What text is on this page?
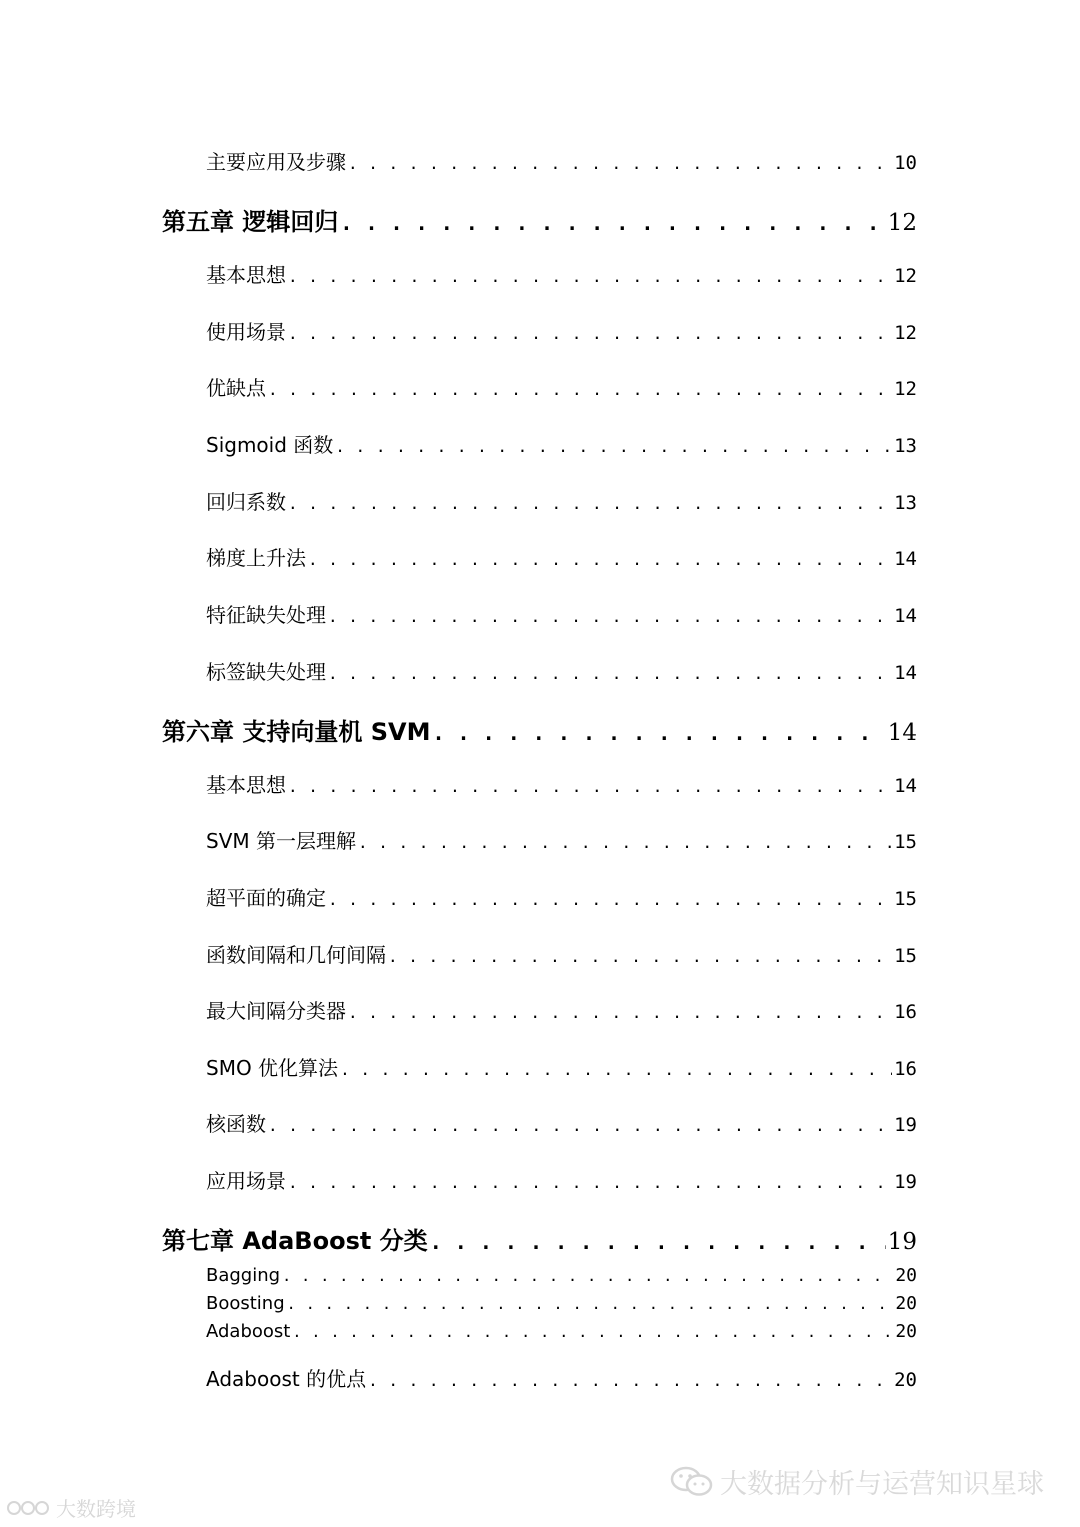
主要应用及步骤 . . .	10
第五章 逻辑回归 . . .	12
基本思想 . . .	12
使用场景 . . .	12
优缺点 . . .	12
Sigmoid 函数 . . .	13
回归系数 . . .	13
梯度上升法 . . .	14
特征缺失处理 . . .	14
标签缺失处理 . . .	14
第六章 支持向量机 SVM . . .	14
基本思想 . . .	14
SVM 第一层理解 . . .	15
超平面的确定 . . .	15
函数间隔和几何间隔 . . .	15
最大间隔分类器 . . .	16
SMO 优化算法 . . .	16
核函数 . . .	19
应用场景 . . .	19
第七章 AdaBoost 分类 . . .	19
Bagging . . .	20
Boosting . . .	20
Adaboost . . .	20
Adaboost 的优点 . . .	20
大数据分析与运营知识星球
大数跨境
